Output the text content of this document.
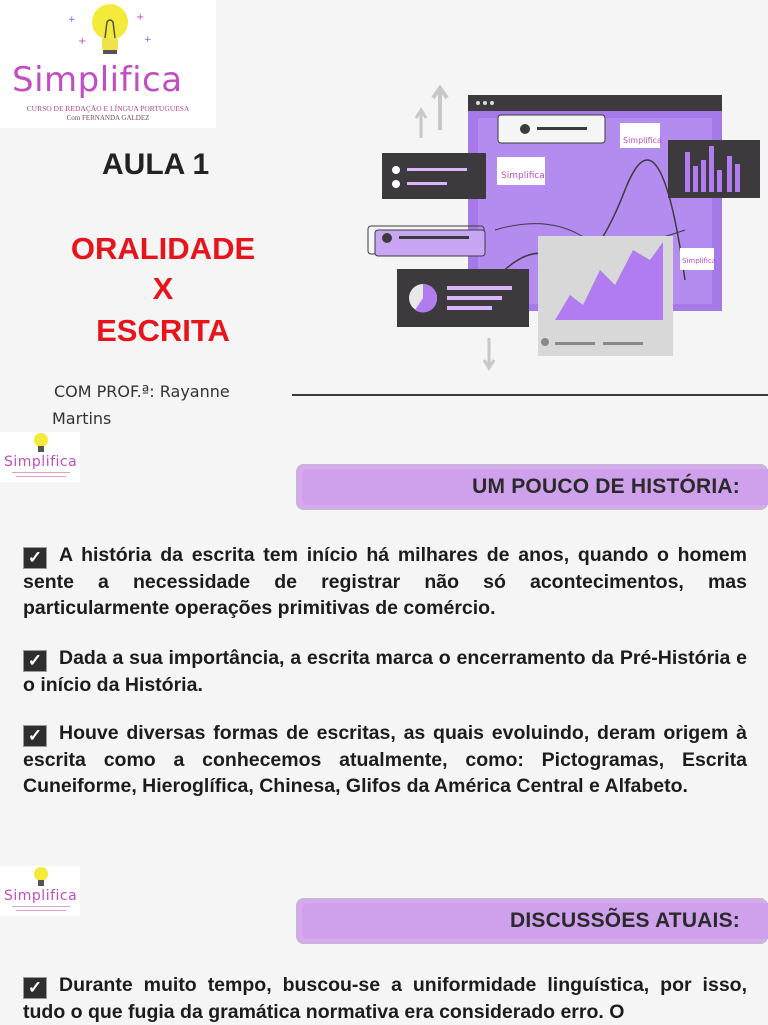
+
+
+
+
Simplifica
CURSO DE REDAÇÃO E LÍNGUA PORTUGUESA
Com FERNANDA GALDEZ
AULA 1
ORALIDADE
X
ESCRITA
COM PROF.ª: Rayanne
Martins
Simplifica
Simplifica
Simplifica
Simplifica
UM POUCO DE HISTÓRIA:
✓ A história da escrita tem início há milhares de anos, quando o homem sente a necessidade de registrar não só acontecimentos, mas particularmente operações primitivas de comércio.
✓ Dada a sua importância, a escrita marca o encerramento da Pré-História e o início da História.
✓ Houve diversas formas de escritas, as quais evoluindo, deram origem à escrita como a conhecemos atualmente, como: Pictogramas, Escrita Cuneiforme, Hieroglífica, Chinesa, Glifos da América Central e Alfabeto.
Simplifica
DISCUSSÕES ATUAIS:
✓ Durante muito tempo, buscou-se a uniformidade linguística, por isso, tudo o que fugia da gramática normativa era considerado erro. O
